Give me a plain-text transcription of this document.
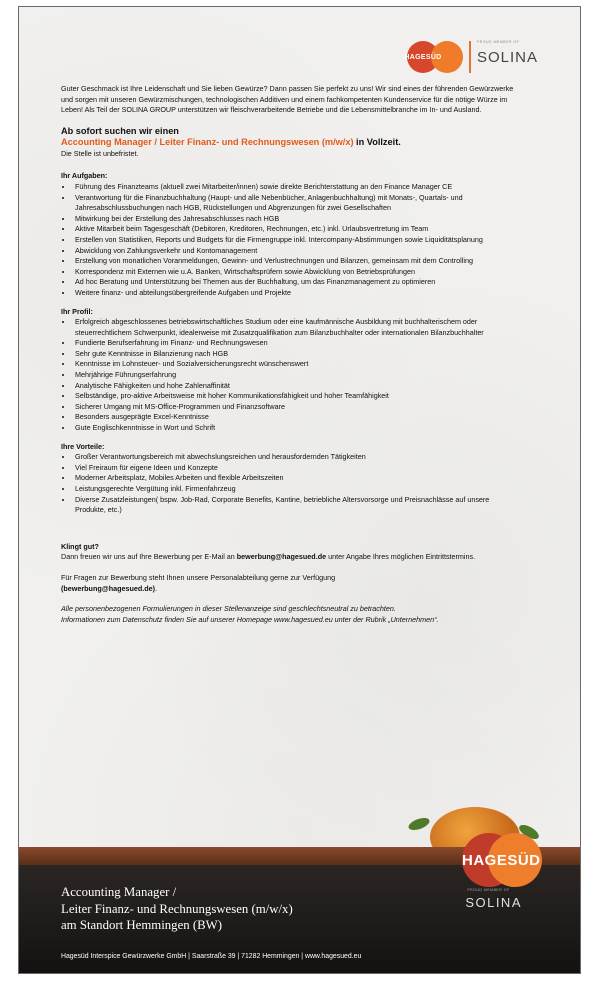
HAGESÜD
PROUD MEMBER OF
SOLINA

Guter Geschmack ist Ihre Leidenschaft und Sie lieben Gewürze? Dann passen Sie perfekt zu uns! Wir sind eines der führenden Gewürzwerke und sorgen mit unseren Gewürzmischungen, technologischen Additiven und einem fachkompetenten Kundenservice für die nötige Würze im Leben! Als Teil der SOLINA GROUP unterstützen wir fleischverarbeitende Betriebe und die Lebensmittelbranche im In- und Ausland.

Ab sofort suchen wir einen

Accounting Manager / Leiter Finanz- und Rechnungswesen (m/w/x) in Vollzeit.

Die Stelle ist unbefristet.

Ihr Aufgaben:

• Führung des Finanzteams (aktuell zwei Mitarbeiter/innen) sowie direkte Berichterstattung an den Finance Manager CE
• Verantwortung für die Finanzbuchhaltung (Haupt- und alle Nebenbücher, Anlagenbuchhaltung) mit Monats-, Quartals- und Jahresabschlussbuchungen nach HGB, Rückstellungen und Abgrenzungen für zwei Gesellschaften
• Mitwirkung bei der Erstellung des Jahresabschlusses nach HGB
• Aktive Mitarbeit beim Tagesgeschäft (Debitoren, Kreditoren, Rechnungen, etc.) inkl. Urlaubsvertretung im Team
• Erstellen von Statistiken, Reports und Budgets für die Firmengruppe inkl. Intercompany-Abstimmungen sowie Liquiditätsplanung
• Abwicklung von Zahlungsverkehr und Kontomanagement
• Erstellung von monatlichen Voranmeldungen, Gewinn- und Verlustrechnungen und Bilanzen, gemeinsam mit dem Controlling
• Korrespondenz mit Externen wie u.A. Banken, Wirtschaftsprüfern sowie Abwicklung von Betriebsprüfungen
• Ad hoc Beratung und Unterstützung bei Themen aus der Buchhaltung, um das Finanzmanagement zu optimieren
• Weitere finanz- und abteilungsübergreifende Aufgaben und Projekte

Ihr Profil:

• Erfolgreich abgeschlossenes betriebswirtschaftliches Studium oder eine kaufmännische Ausbildung mit buchhalterischem oder steuerrechtlichem Schwerpunkt, idealerweise mit Zusatzqualifikation zum Bilanzbuchhalter oder internationalen Bilanzbuchhalter
• Fundierte Berufserfahrung im Finanz- und Rechnungswesen
• Sehr gute Kenntnisse in Bilanzierung nach HGB
• Kenntnisse im Lohnsteuer- und Sozialversicherungsrecht wünschenswert
• Mehrjährige Führungserfahrung
• Analytische Fähigkeiten und hohe Zahlenaffinität
• Selbständige, pro-aktive Arbeitsweise mit hoher Kommunikationsfähigkeit und hoher Teamfähigkeit
• Sicherer Umgang mit MS-Office-Programmen und Finanzsoftware
• Besonders ausgeprägte Excel-Kenntnisse
• Gute Englischkenntnisse in Wort und Schrift

Ihre Vorteile:

• Großer Verantwortungsbereich mit abwechslungsreichen und herausfordernden Tätigkeiten
• Viel Freiraum für eigene Ideen und Konzepte
• Moderner Arbeitsplatz, Mobiles Arbeiten und flexible Arbeitszeiten
• Leistungsgerechte Vergütung inkl. Firmenfahrzeug
• Diverse Zusatzleistungen( bspw. Job-Rad, Corporate Benefits, Kantine, betriebliche Altersvorsorge und Preisnachlässe auf unsere Produkte, etc.)

Klingt gut?

Dann freuen wir uns auf Ihre Bewerbung per E-Mail an bewerbung@hagesued.de unter Angabe Ihres möglichen Eintrittstermins.

Für Fragen zur Bewerbung steht Ihnen unsere Personalabteilung gerne zur Verfügung
(bewerbung@hagesued.de).

Alle personenbezogenen Formulierungen in dieser Stellenanzeige sind geschlechtsneutral zu betrachten. Informationen zum Datenschutz finden Sie auf unserer Homepage www.hagesued.eu unter der Rubrik „Unternehmen“.

HAGESÜD
PROUD MEMBER OF
SOLINA
Accounting Manager /
Leiter Finanz- und Rechnungswesen (m/w/x)
am Standort Hemmingen (BW)
Hagesüd Interspice Gewürzwerke GmbH | Saarstraße 39 | 71282 Hemmingen | www.hagesued.eu
